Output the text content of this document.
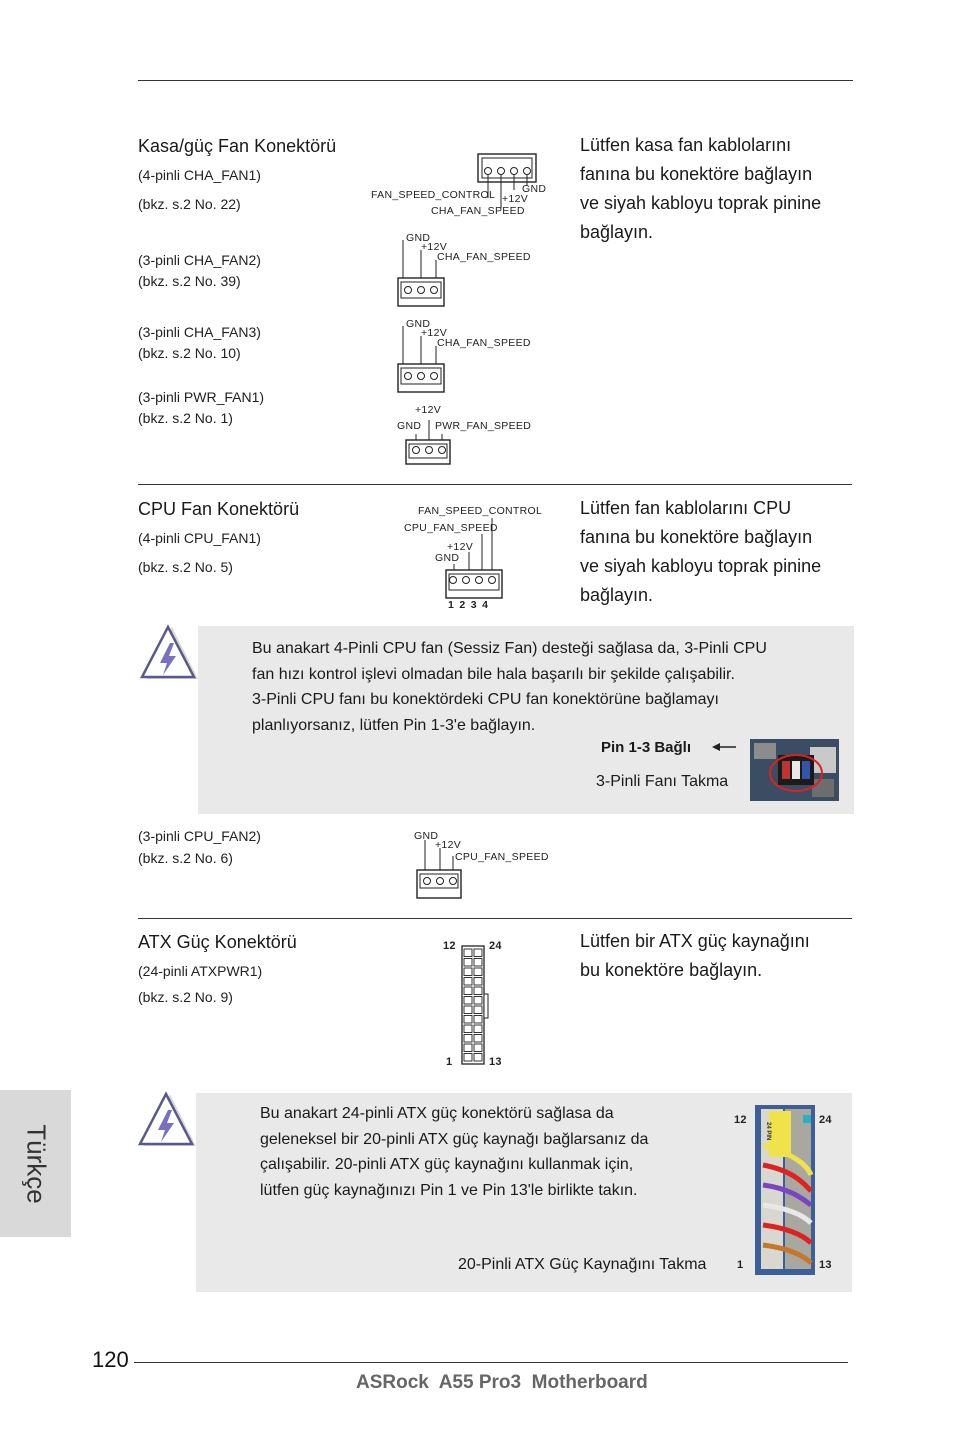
Kasa/güç Fan Konektörü
(4-pinli CHA_FAN1)
(bkz. s.2 No. 22)
(3-pinli CHA_FAN2)
(bkz. s.2 No. 39)
(3-pinli CHA_FAN3)
(bkz. s.2 No. 10)
(3-pinli PWR_FAN1)
(bkz. s.2 No. 1)
Lütfen kasa fan kablolarını
fanına bu konektöre bağlayın
ve siyah kabloyu toprak pinine
bağlayın.
GND
+12V
FAN_SPEED_CONTROL
CHA_FAN_SPEED
GND
+12V
CHA_FAN_SPEED
GND
+12V
CHA_FAN_SPEED
+12V
GND PWR_FAN_SPEED
CPU Fan Konektörü
(4-pinli CPU_FAN1)
(bkz. s.2 No. 5)
Lütfen fan kablolarını CPU
fanına bu konektöre bağlayın
ve siyah kabloyu toprak pinine
bağlayın.
FAN_SPEED_CONTROL
CPU_FAN_SPEED
+12V
GND
1 2 3 4
Bu anakart 4-Pinli CPU fan (Sessiz Fan) desteği sağlasa da, 3-Pinli CPU
fan hızı kontrol işlevi olmadan bile hala başarılı bir şekilde çalışabilir.
3-Pinli CPU fanı bu konektördeki CPU fan konektörüne bağlamayı
planlıyorsanız, lütfen Pin 1-3'e bağlayın.
Pin 1-3 Bağlı
3-Pinli Fanı Takma
(3-pinli CPU_FAN2)
(bkz. s.2 No. 6)
GND
+12V
CPU_FAN_SPEED
ATX Güç Konektörü
(24-pinli ATXPWR1)
(bkz. s.2 No. 9)
Lütfen bir ATX güç kaynağını
bu konektöre bağlayın.
12	24
1	13
Bu anakart 24-pinli ATX güç konektörü sağlasa da
geleneksel bir 20-pinli ATX güç kaynağı bağlarsanız da
çalışabilir. 20-pinli ATX güç kaynağını kullanmak için,
lütfen güç kaynağınızı Pin 1 ve Pin 13'le birlikte takın.
20-Pinli ATX Güç Kaynağını Takma
12	24
1	13
24 PIN
Türkçe
120
ASRock  A55 Pro3  Motherboard
